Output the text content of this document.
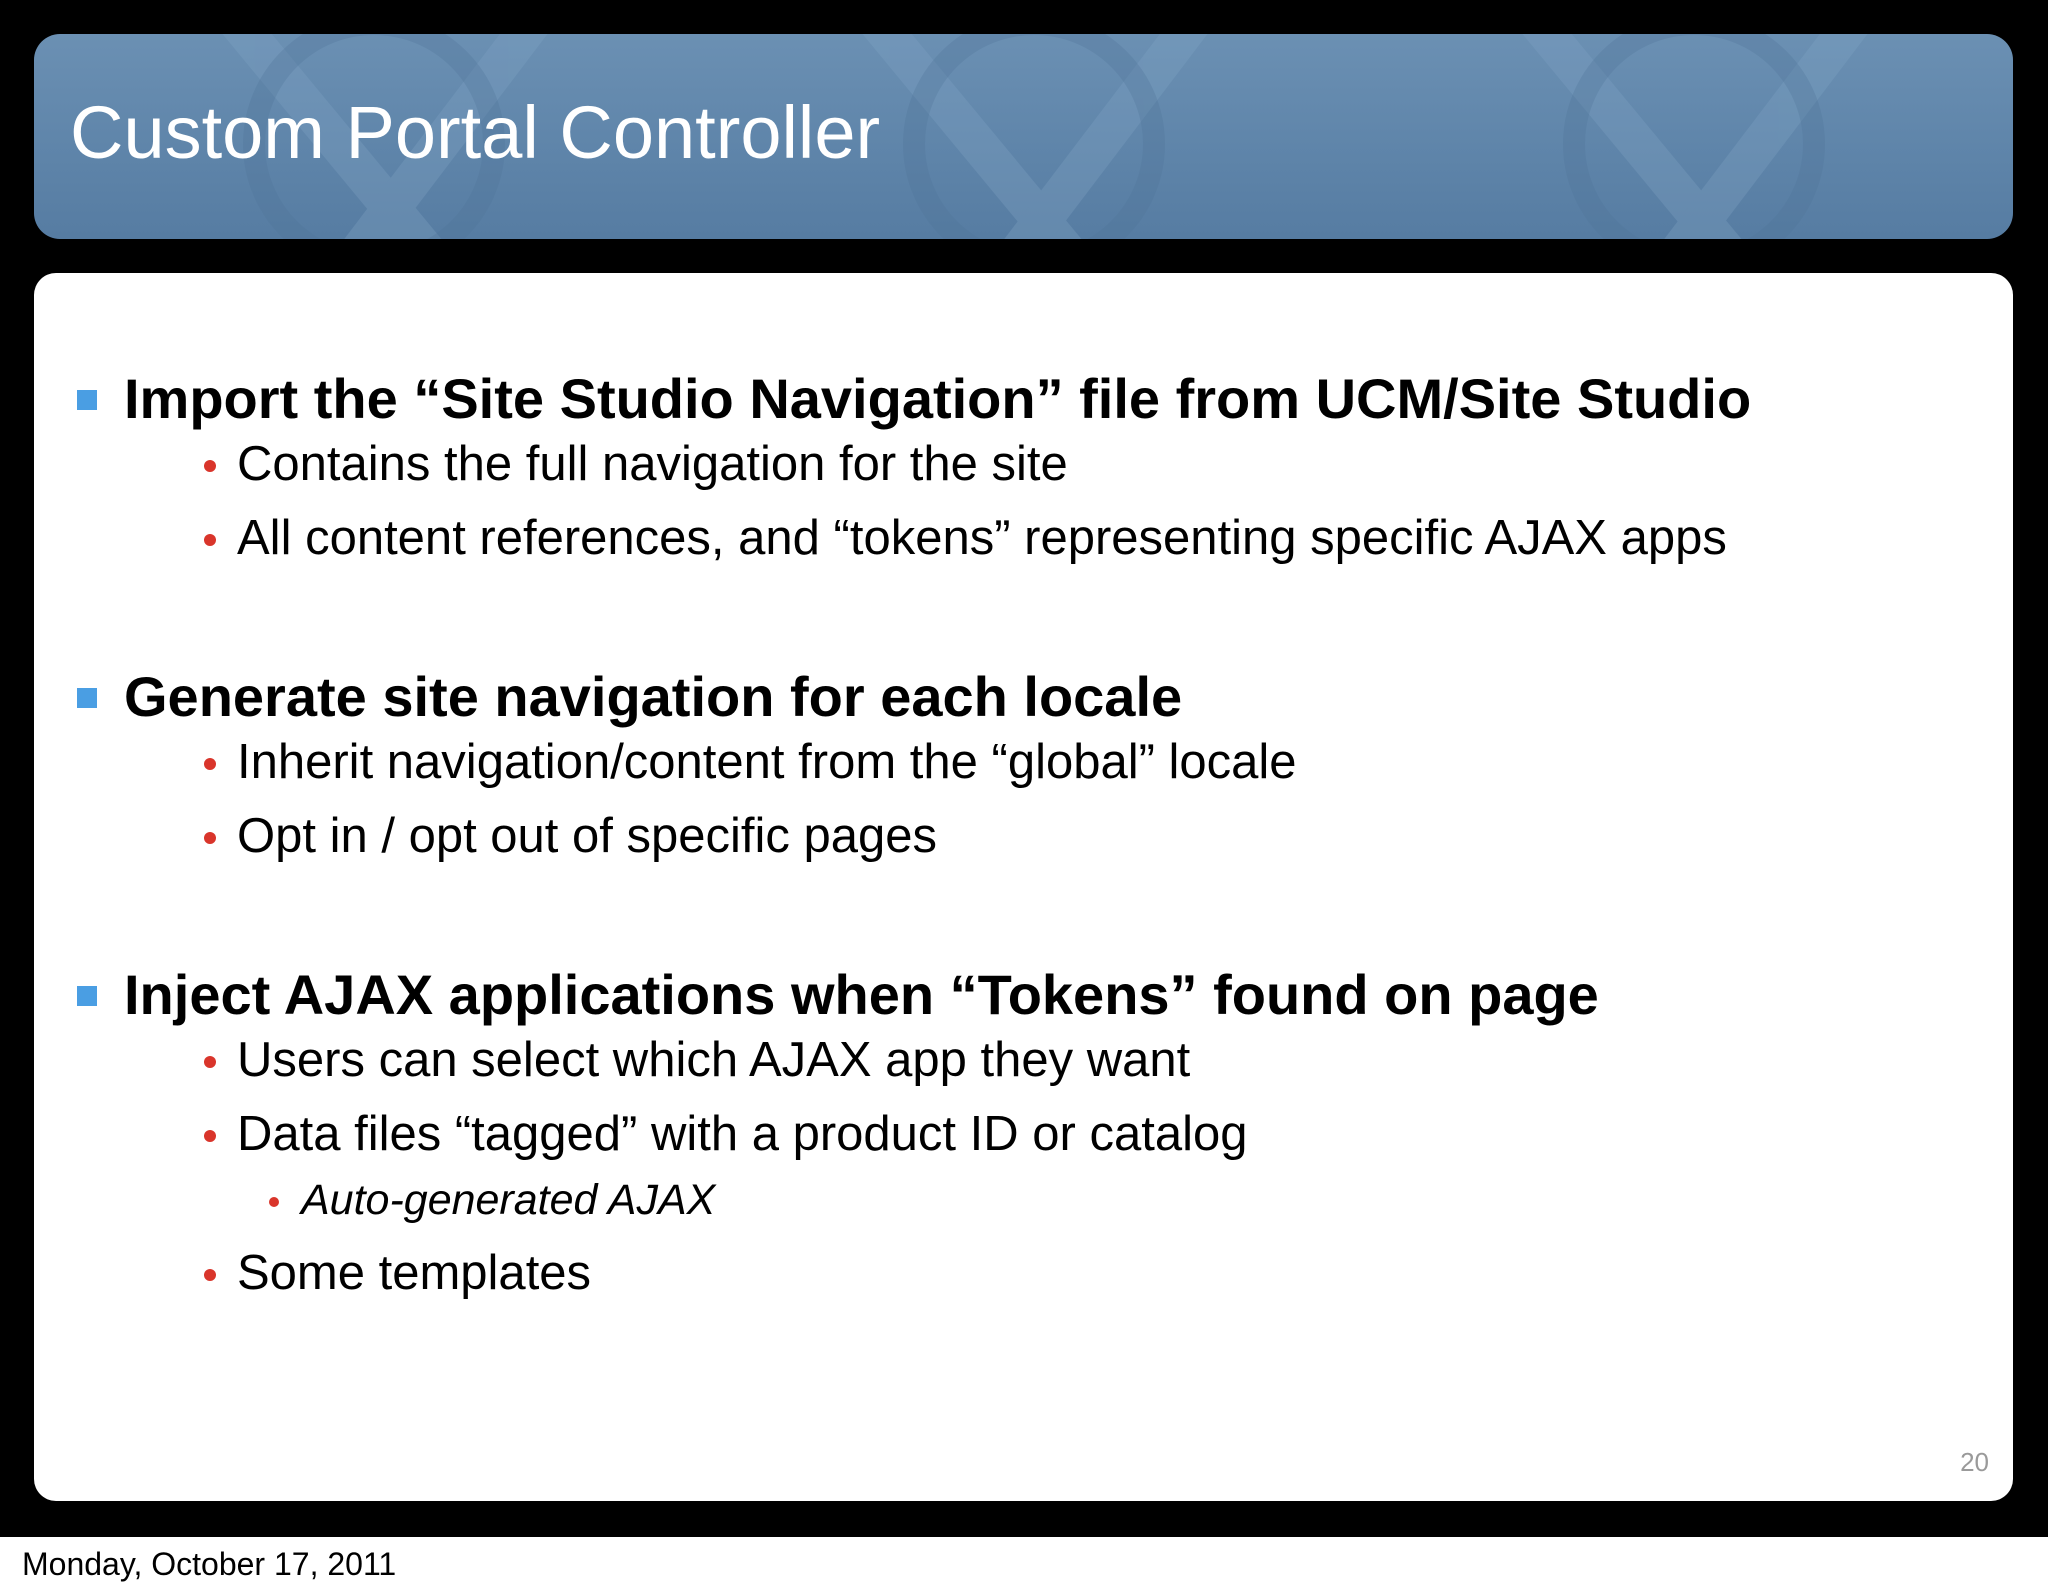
Custom Portal Controller
Import the “Site Studio Navigation” file from UCM/Site Studio
Contains the full navigation for the site
All content references, and “tokens” representing specific AJAX apps
Generate site navigation for each locale
Inherit navigation/content from the “global” locale
Opt in / opt out of specific pages
Inject AJAX applications when “Tokens” found on page
Users can select which AJAX app they want
Data files “tagged” with a product ID or catalog
Auto-generated AJAX
Some templates
20
Monday, October 17, 2011
